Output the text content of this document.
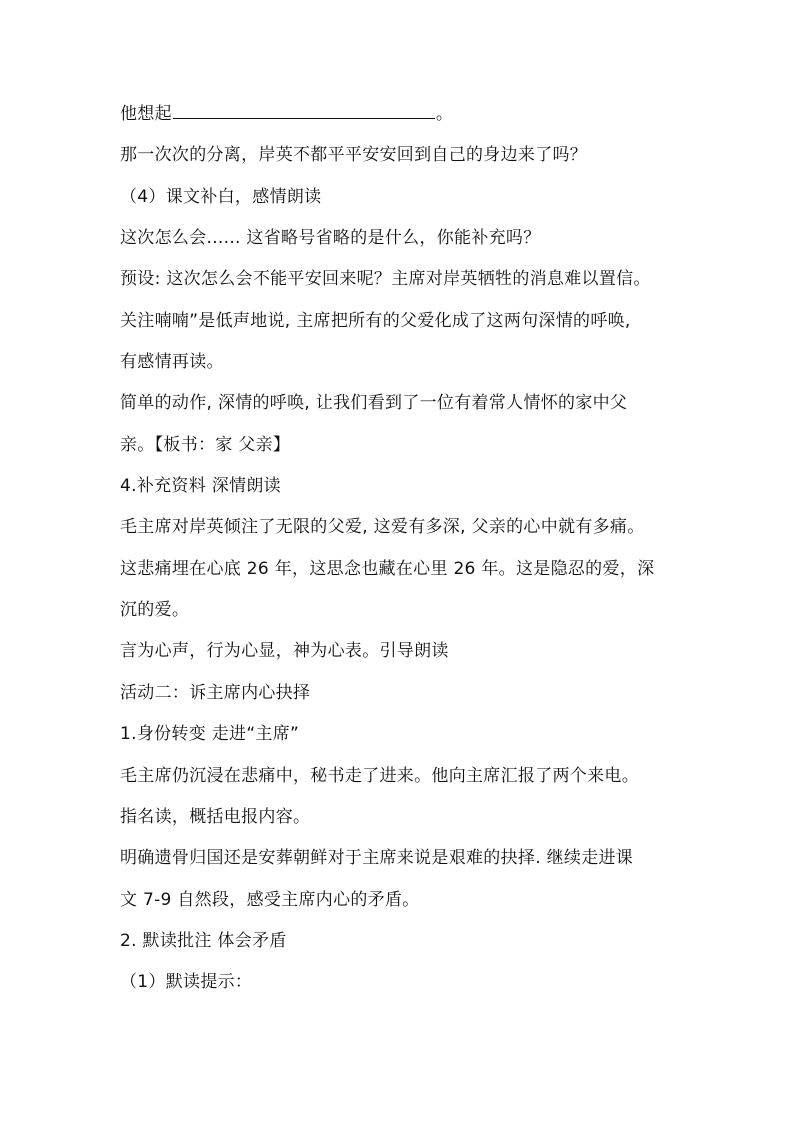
他想起	。
那一次次的分离，岸英不都平平安安回到自己的身边来了吗？
（4）课文补白，感情朗读
这次怎么会...... 这省略号省略的是什么，你能补充吗？
预设: 这次怎么会不能平安回来呢？主席对岸英牺牲的消息难以置信。
关注喃喃”是低声地说, 主席把所有的父爱化成了这两句深情的呼唤,
有感情再读。
简单的动作, 深情的呼唤, 让我们看到了一位有着常人情怀的家中父
亲。【板书：家 父亲】
4.补充资料 深情朗读
毛主席对岸英倾注了无限的父爱, 这爱有多深, 父亲的心中就有多痛。
这悲痛埋在心底 26 年，这思念也藏在心里 26 年。这是隐忍的爱，深
沉的爱。
言为心声，行为心显，神为心表。引导朗读
活动二：诉主席内心抉择
1.身份转变 走进“主席”
毛主席仍沉浸在悲痛中，秘书走了进来。他向主席汇报了两个来电。
指名读，概括电报内容。
明确遗骨归国还是安葬朝鲜对于主席来说是艰难的抉择. 继续走进课
文 7-9 自然段，感受主席内心的矛盾。
2. 默读批注 体会矛盾
（1）默读提示：
